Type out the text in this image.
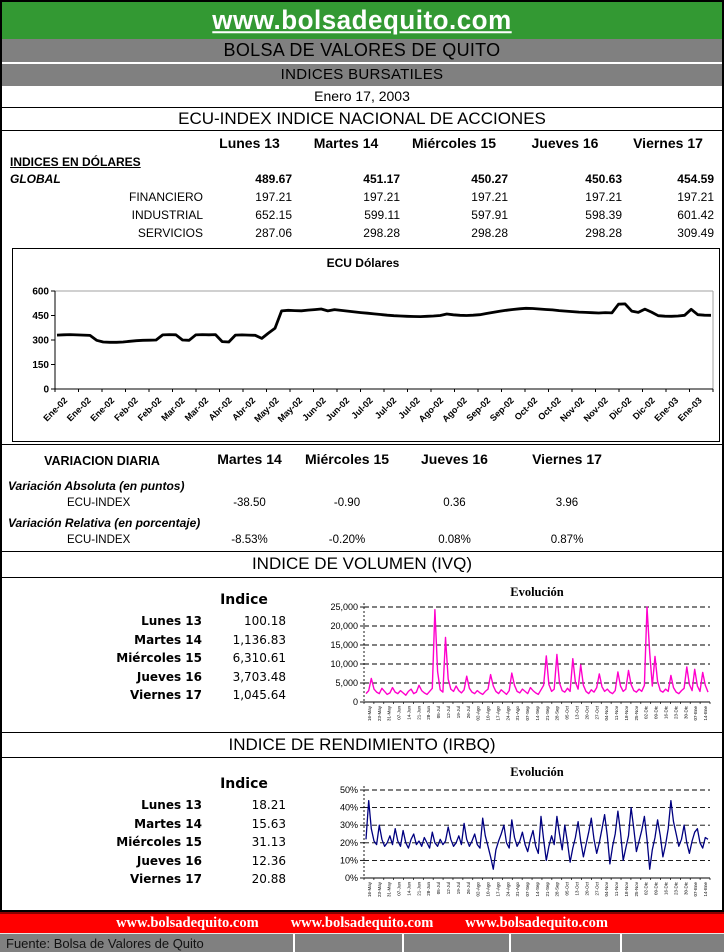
www.bolsadequito.com
BOLSA DE VALORES DE QUITO
INDICES BURSATILES
Enero 17, 2003
ECU-INDEX INDICE NACIONAL DE ACCIONES
Lunes 13	Martes 14	Miércoles 15	Jueves 16	Viernes 17
INDICES EN DÓLARES
GLOBAL	489.67	451.17	450.27	450.63	454.59
FINANCIERO	197.21	197.21	197.21	197.21	197.21
INDUSTRIAL	652.15	599.11	597.91	598.39	601.42
SERVICIOS	287.06	298.28	298.28	298.28	309.49
ECU Dólares
600
450
300
150
0
Ene-02
Ene-02
Ene-02
Feb-02
Feb-02
Mar-02
Mar-02
Abr-02
Abr-02
May-02
May-02
Jun-02
Jun-02
Jul-02
Jul-02
Jul-02
Ago-02
Ago-02
Sep-02
Sep-02
Oct-02
Oct-02
Nov-02
Nov-02
Dic-02
Dic-02
Ene-03
Ene-03
VARIACION DIARIA	Martes 14	Miércoles 15	Jueves 16	Viernes 17
Variación Absoluta (en puntos)
ECU-INDEX	-38.50	-0.90	0.36	3.96
Variación Relativa (en porcentaje)
ECU-INDEX	-8.53%	-0.20%	0.08%	0.87%
INDICE DE VOLUMEN (IVQ)
Indice
Lunes 13	100.18
Martes 14	1,136.83
Miércoles 15	6,310.61
Jueves 16	3,703.48
Viernes 17	1,045.64
Evolución
25,000
20,000
15,000
10,000
5,000
0
16-May 23-May 31-May 07-Jun 14-Jun 21-Jun 28-Jun 05-Jul 12-Jul 19-Jul 26-Jul 02-Ago 10-Ago 17-Ago 24-Ago 31-Ago 07-Sep 14-Sep 21-Sep 28-Sep 05-Oct 13-Oct 20-Oct 27-Oct 04-Nov 11-Nov 18-Nov 25-Nov 02-Dic 09-Dic 16-Dic 23-Dic 30-Dic 07-Ene 14-Ene
INDICE DE RENDIMIENTO (IRBQ)
Indice
Lunes 13	18.21
Martes 14	15.63
Miércoles 15	31.13
Jueves 16	12.36
Viernes 17	20.88
Evolución
50%
40%
30%
20%
10%
0%
16-May 23-May 31-May 07-Jun 14-Jun 21-Jun 28-Jun 05-Jul 12-Jul 19-Jul 26-Jul 02-Ago 10-Ago 17-Ago 24-Ago 31-Ago 07-Sep 14-Sep 21-Sep 28-Sep 05-Oct 13-Oct 20-Oct 27-Oct 04-Nov 11-Nov 18-Nov 25-Nov 02-Dic 09-Dic 16-Dic 23-Dic 30-Dic 07-Ene 14-Ene
www.bolsadequito.com www.bolsadequito.com www.bolsadequito.com
Fuente: Bolsa de Valores de Quito
